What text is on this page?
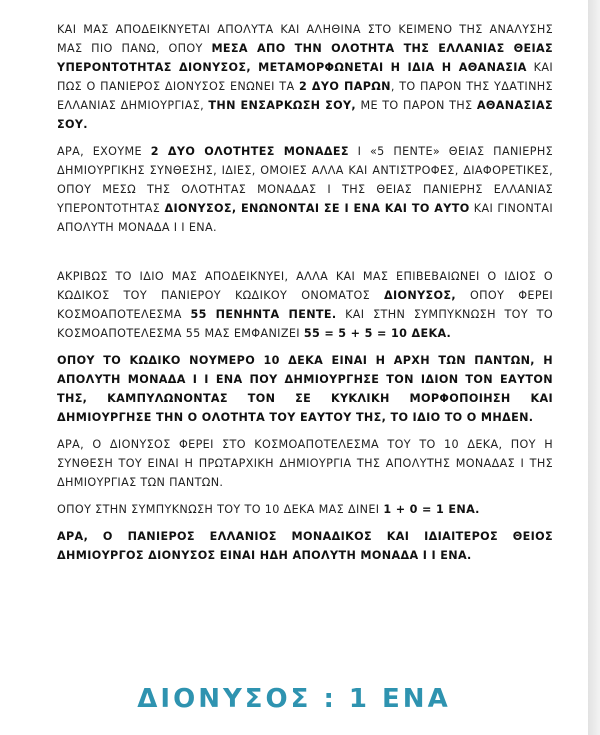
ΚΑΙ ΜΑΣ ΑΠΟΔΕΙΚΝΥΕΤΑΙ ΑΠΟΛΥΤΑ ΚΑΙ ΑΛΗΘΙΝΑ ΣΤΟ ΚΕΙΜΕΝΟ ΤΗΣ ΑΝΑΛΥΣΗΣ ΜΑΣ ΠΙΟ ΠΑΝΩ, ΟΠΟΥ ΜΕΣΑ ΑΠΟ ΤΗΝ ΟΛΟΤΗΤΑ ΤΗΣ ΕΛΛΑΝΙΑΣ ΘΕΙΑΣ ΥΠΕΡΟΝΤΟΤΗΤΑΣ ΔΙΟΝΥΣΟΣ, ΜΕΤΑΜΟΡΦΩΝΕΤΑΙ Η ΙΔΙΑ Η ΑΘΑΝΑΣΙΑ ΚΑΙ ΠΩΣ Ο ΠΑΝΙΕΡΟΣ ΔΙΟΝΥΣΟΣ ΕΝΩΝΕΙ ΤΑ 2 ΔΥΟ ΠΑΡΩΝ, ΤΟ ΠΑΡΟΝ ΤΗΣ ΥΔΑΤΙΝΗΣ ΕΛΛΑΝΙΑΣ ΔΗΜΙΟΥΡΓΙΑΣ, ΤΗΝ ΕΝΣΑΡΚΩΣΗ ΣΟΥ, ΜΕ ΤΟ ΠΑΡΟΝ ΤΗΣ ΑΘΑΝΑΣΙΑΣ ΣΟΥ.

ΑΡΑ, ΕΧΟΥΜΕ 2 ΔΥΟ ΟΛΟΤΗΤΕΣ ΜΟΝΑΔΕΣ I «5 ΠΕΝΤΕ» ΘΕΙΑΣ ΠΑΝΙΕΡΗΣ ΔΗΜΙΟΥΡΓΙΚΗΣ ΣΥΝΘΕΣΗΣ, ΙΔΙΕΣ, ΟΜΟΙΕΣ ΑΛΛΑ ΚΑΙ ΑΝΤΙΣΤΡΟΦΕΣ, ΔΙΑΦΟΡΕΤΙΚΕΣ, ΟΠΟΥ ΜΕΣΩ ΤΗΣ ΟΛΟΤΗΤΑΣ ΜΟΝΑΔΑΣ I ΤΗΣ ΘΕΙΑΣ ΠΑΝΙΕΡΗΣ ΕΛΛΑΝΙΑΣ ΥΠΕΡΟΝΤΟΤΗΤΑΣ ΔΙΟΝΥΣΟΣ, ΕΝΩΝΟΝΤΑΙ ΣΕ I ΕΝΑ ΚΑΙ ΤΟ ΑΥΤΟ ΚΑΙ ΓΙΝΟΝΤΑΙ ΑΠΟΛΥΤΗ ΜΟΝΑΔΑ I I ΕΝΑ.

ΑΚΡΙΒΩΣ ΤΟ ΙΔΙΟ ΜΑΣ ΑΠΟΔΕΙΚΝΥΕΙ, ΑΛΛΑ ΚΑΙ ΜΑΣ ΕΠΙΒΕΒΑΙΩΝΕΙ Ο ΙΔΙΟΣ Ο ΚΩΔΙΚΟΣ ΤΟΥ ΠΑΝΙΕΡΟΥ ΚΩΔΙΚΟΥ ΟΝΟΜΑΤΟΣ ΔΙΟΝΥΣΟΣ, ΟΠΟΥ ΦΕΡΕΙ ΚΟΣΜΟΑΠΟΤΕΛΕΣΜΑ 55 ΠΕΝΗΝΤΑ ΠΕΝΤΕ. ΚΑΙ ΣΤΗΝ ΣΥΜΠΥΚΝΩΣΗ ΤΟΥ ΤΟ ΚΟΣΜΟΑΠΟΤΕΛΕΣΜΑ 55 ΜΑΣ ΕΜΦΑΝΙΖΕΙ 55 = 5 + 5 = 10 ΔΕΚΑ.

ΟΠΟΥ ΤΟ ΚΩΔΙΚΟ ΝΟΥΜΕΡΟ 10 ΔΕΚΑ ΕΙΝΑΙ Η ΑΡΧΗ ΤΩΝ ΠΑΝΤΩΝ, Η ΑΠΟΛΥΤΗ ΜΟΝΑΔΑ I I ΕΝΑ ΠΟΥ ΔΗΜΙΟΥΡΓΗΣΕ ΤΟΝ ΙΔΙΟΝ ΤΟΝ ΕΑΥΤΟΝ ΤΗΣ, ΚΑΜΠΥΛΩΝΟΝΤΑΣ ΤΟΝ ΣΕ ΚΥΚΛΙΚΗ ΜΟΡΦΟΠΟΙΗΣΗ ΚΑΙ ΔΗΜΙΟΥΡΓΗΣΕ ΤΗΝ Ο ΟΛΟΤΗΤΑ ΤΟΥ ΕΑΥΤΟΥ ΤΗΣ, ΤΟ ΙΔΙΟ ΤΟ Ο ΜΗΔΕΝ.

ΑΡΑ, Ο ΔΙΟΝΥΣΟΣ ΦΕΡΕΙ ΣΤΟ ΚΟΣΜΟΑΠΟΤΕΛΕΣΜΑ ΤΟΥ ΤΟ 10 ΔΕΚΑ, ΠΟΥ Η ΣΥΝΘΕΣΗ ΤΟΥ ΕΙΝΑΙ Η ΠΡΩΤΑΡΧΙΚΗ ΔΗΜΙΟΥΡΓΙΑ ΤΗΣ ΑΠΟΛΥΤΗΣ ΜΟΝΑΔΑΣ I ΤΗΣ ΔΗΜΙΟΥΡΓΙΑΣ ΤΩΝ ΠΑΝΤΩΝ.

ΟΠΟΥ ΣΤΗΝ ΣΥΜΠΥΚΝΩΣΗ ΤΟΥ ΤΟ 10 ΔΕΚΑ ΜΑΣ ΔΙΝΕΙ 1 + 0 = 1 ΕΝΑ.

ΑΡΑ, Ο ΠΑΝΙΕΡΟΣ ΕΛΛΑΝΙΟΣ ΜΟΝΑΔΙΚΟΣ ΚΑΙ ΙΔΙΑΙΤΕΡΟΣ ΘΕΙΟΣ ΔΗΜΙΟΥΡΓΟΣ ΔΙΟΝΥΣΟΣ ΕΙΝΑΙ ΗΔΗ ΑΠΟΛΥΤΗ ΜΟΝΑΔΑ I I ΕΝΑ.

ΔΙΟΝΥΣΟΣ : 1 ΕΝΑ
